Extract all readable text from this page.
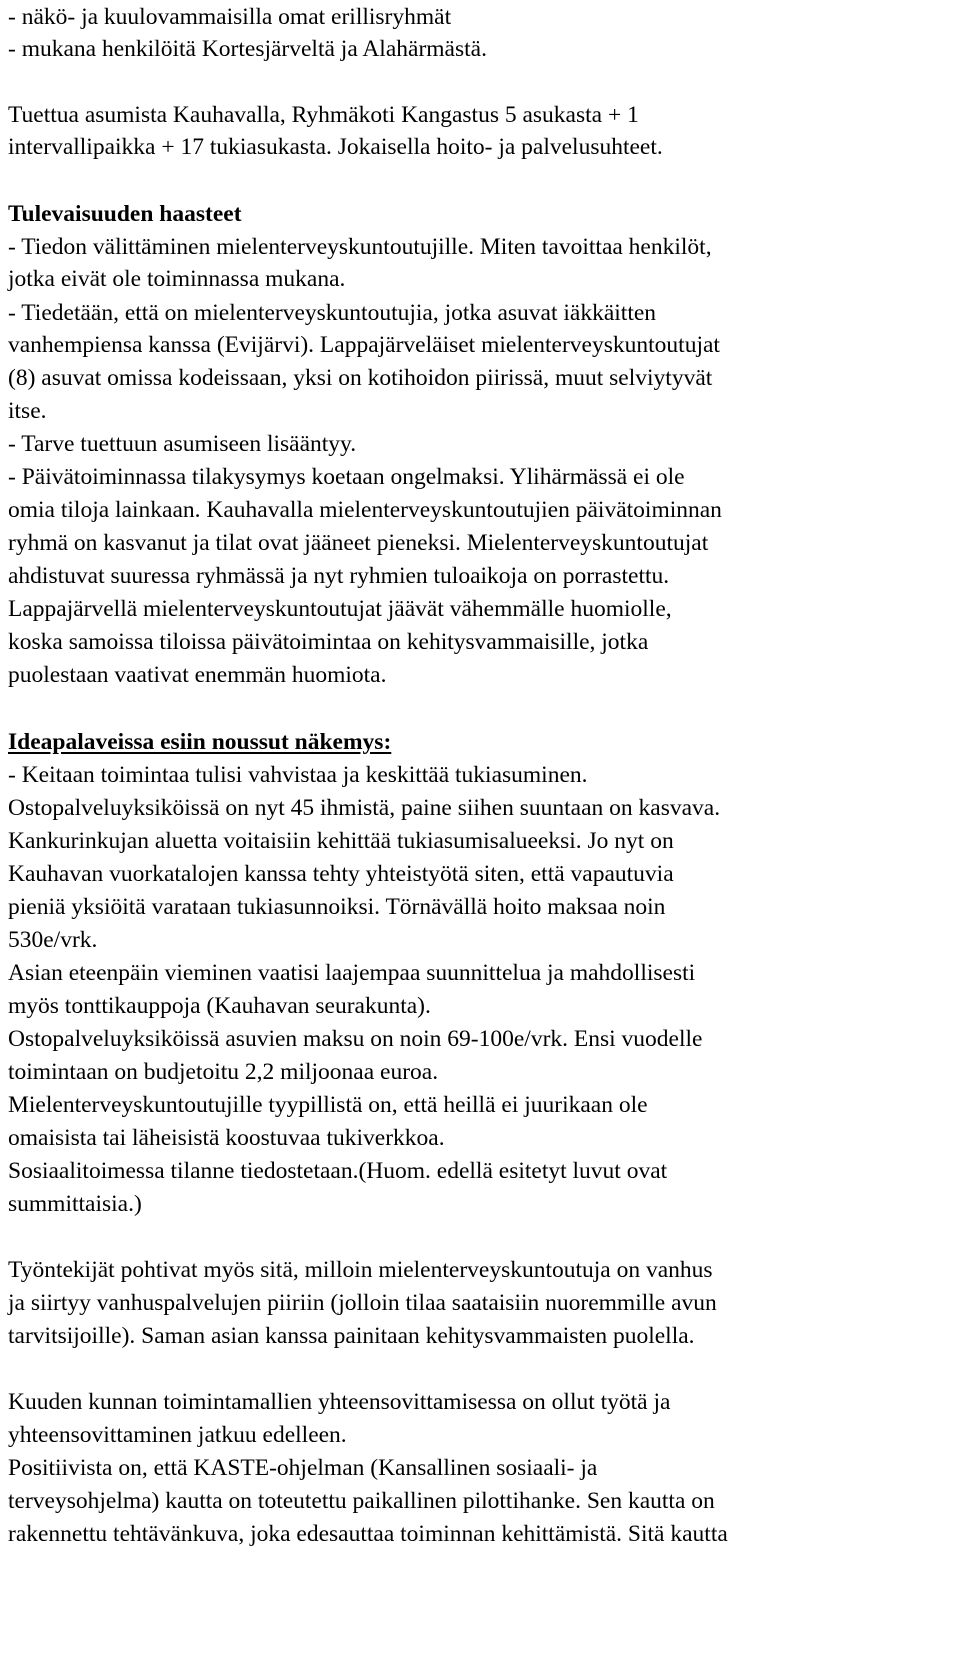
- näkö- ja kuulovammaisilla omat erillisryhmät
- mukana henkilöitä Kortesjärveltä ja Alahärmästä.
Tuettua asumista Kauhavalla, Ryhmäkoti Kangastus 5 asukasta + 1
intervallipaikka + 17 tukiasukasta. Jokaisella hoito- ja palvelusuhteet.
Tulevaisuuden haasteet
- Tiedon välittäminen mielenterveyskuntoutujille. Miten tavoittaa henkilöt,
jotka eivät ole toiminnassa mukana.
- Tiedetään, että on mielenterveyskuntoutujia, jotka asuvat iäkkäitten
vanhempiensa kanssa (Evijärvi). Lappajärveläiset mielenterveyskuntoutujat
(8) asuvat omissa kodeissaan, yksi on kotihoidon piirissä, muut selviytyvät
itse.
- Tarve tuettuun asumiseen lisääntyy.
- Päivätoiminnassa tilakysymys koetaan ongelmaksi. Ylihärmässä ei ole
omia tiloja lainkaan. Kauhavalla mielenterveyskuntoutujien päivätoiminnan
ryhmä on kasvanut ja tilat ovat jääneet pieneksi. Mielenterveyskuntoutujat
ahdistuvat suuressa ryhmässä ja nyt ryhmien tuloaikoja on porrastettu.
Lappajärvellä mielenterveyskuntoutujat jäävät vähemmälle huomiolle,
koska samoissa tiloissa päivätoimintaa on kehitysvammaisille, jotka
puolestaan vaativat enemmän huomiota.
Ideapalaveissa esiin noussut näkemys:
- Keitaan toimintaa tulisi vahvistaa ja keskittää tukiasuminen.
Ostopalveluyksiköissä on nyt 45 ihmistä, paine siihen suuntaan on kasvava.
Kankurinkujan aluetta voitaisiin kehittää tukiasumisalueeksi. Jo nyt on
Kauhavan vuorkatalojen kanssa tehty yhteistyötä siten, että vapautuvia
pieniä yksiöitä varataan tukiasunnoiksi. Törnävällä hoito maksaa noin
530e/vrk.
Asian eteenpäin vieminen vaatisi laajempaa suunnittelua ja mahdollisesti
myös tonttikauppoja (Kauhavan seurakunta).
Ostopalveluyksiköissä asuvien maksu on noin 69-100e/vrk. Ensi vuodelle
toimintaan on budjetoitu 2,2 miljoonaa euroa.
Mielenterveyskuntoutujille tyypillistä on, että heillä ei juurikaan ole
omaisista tai läheisistä koostuvaa tukiverkkoa.
Sosiaalitoimessa tilanne tiedostetaan.(Huom. edellä esitetyt luvut ovat
summittaisia.)
Työntekijät pohtivat myös sitä, milloin mielenterveyskuntoutuja on vanhus
ja siirtyy vanhuspalvelujen piiriin (jolloin tilaa saataisiin nuoremmille avun
tarvitsijoille). Saman asian kanssa painitaan kehitysvammaisten puolella.
Kuuden kunnan toimintamallien yhteensovittamisessa on ollut työtä ja
yhteensovittaminen jatkuu edelleen.
Positiivista on, että KASTE-ohjelman (Kansallinen sosiaali- ja
terveysohjelma) kautta on toteutettu paikallinen pilottihanke. Sen kautta on
rakennettu tehtävänkuva, joka edesauttaa toiminnan kehittämistä. Sitä kautta
